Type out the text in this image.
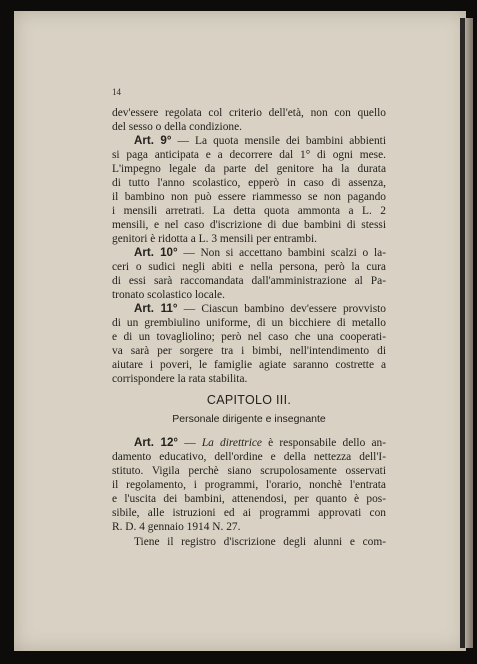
14
dev'essere regolata col criterio dell'età, non con quello
del sesso o della condizione.
Art. 9° — La quota mensile dei bambini abbienti
si paga anticipata e a decorrere dal 1° di ogni mese.
L'impegno legale da parte del genitore ha la durata
di tutto l'anno scolastico, epperò in caso di assenza,
il bambino non può essere riammesso se non pagando
i mensili arretrati. La detta quota ammonta a L. 2
mensili, e nel caso d'iscrizione di due bambini di stessi
genitori è ridotta a L. 3 mensili per entrambi.
Art. 10° — Non si accettano bambini scalzi o la-
ceri o sudici negli abiti e nella persona, però la cura
di essi sarà raccomandata dall'amministrazione al Pa-
tronato scolastico locale.
Art. 11° — Ciascun bambino dev'essere provvisto
di un grembiulino uniforme, di un bicchiere di metallo
e di un tovagliolino; però nel caso che una cooperati-
va sarà per sorgere tra i bimbi, nell'intendimento di
aiutare i poveri, le famiglie agiate saranno costrette a
corrispondere la rata stabilita.
CAPITOLO III.
Personale dirigente e insegnante
Art. 12° — La direttrice è responsabile dello an-
damento educativo, dell'ordine e della nettezza dell'I-
stituto. Vigila perchè siano scrupolosamente osservati
il regolamento, i programmi, l'orario, nonchè l'entrata
e l'uscita dei bambini, attenendosi, per quanto è pos-
sibile, alle istruzioni ed ai programmi approvati con
R. D. 4 gennaio 1914 N. 27.
Tiene il registro d'iscrizione degli alunni e com-
